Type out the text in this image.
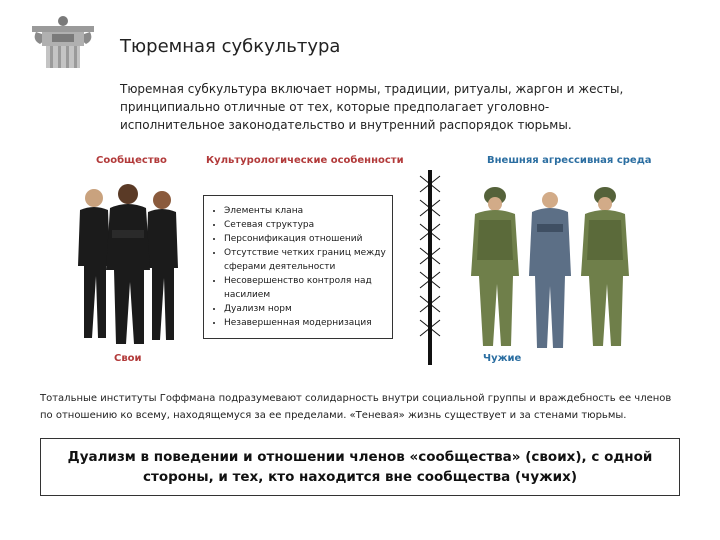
Тюремная субкультура
Тюремная субкультура включает нормы, традиции, ритуалы, жаргон и жесты, принципиально отличные от тех, которые предполагает уголовно-исполнительное законодательство и внутренний распорядок тюрьмы.
Сообщество	Культурологические особенности	Внешняя агрессивная среда
• Элементы клана
• Сетевая структура
• Персонификация отношений
• Отсутствие четких границ между сферами деятельности
• Несовершенство контроля над насилием
• Дуализм норм
• Незавершенная модернизация
Свои	Чужие
Тотальные институты Гоффмана подразумевают солидарность внутри социальной группы и враждебность ее членов по отношению ко всему, находящемуся за ее пределами. «Теневая» жизнь существует и за стенами тюрьмы.
Дуализм в поведении и отношении членов «сообщества» (своих), с одной стороны, и тех, кто находится вне сообщества (чужих)
